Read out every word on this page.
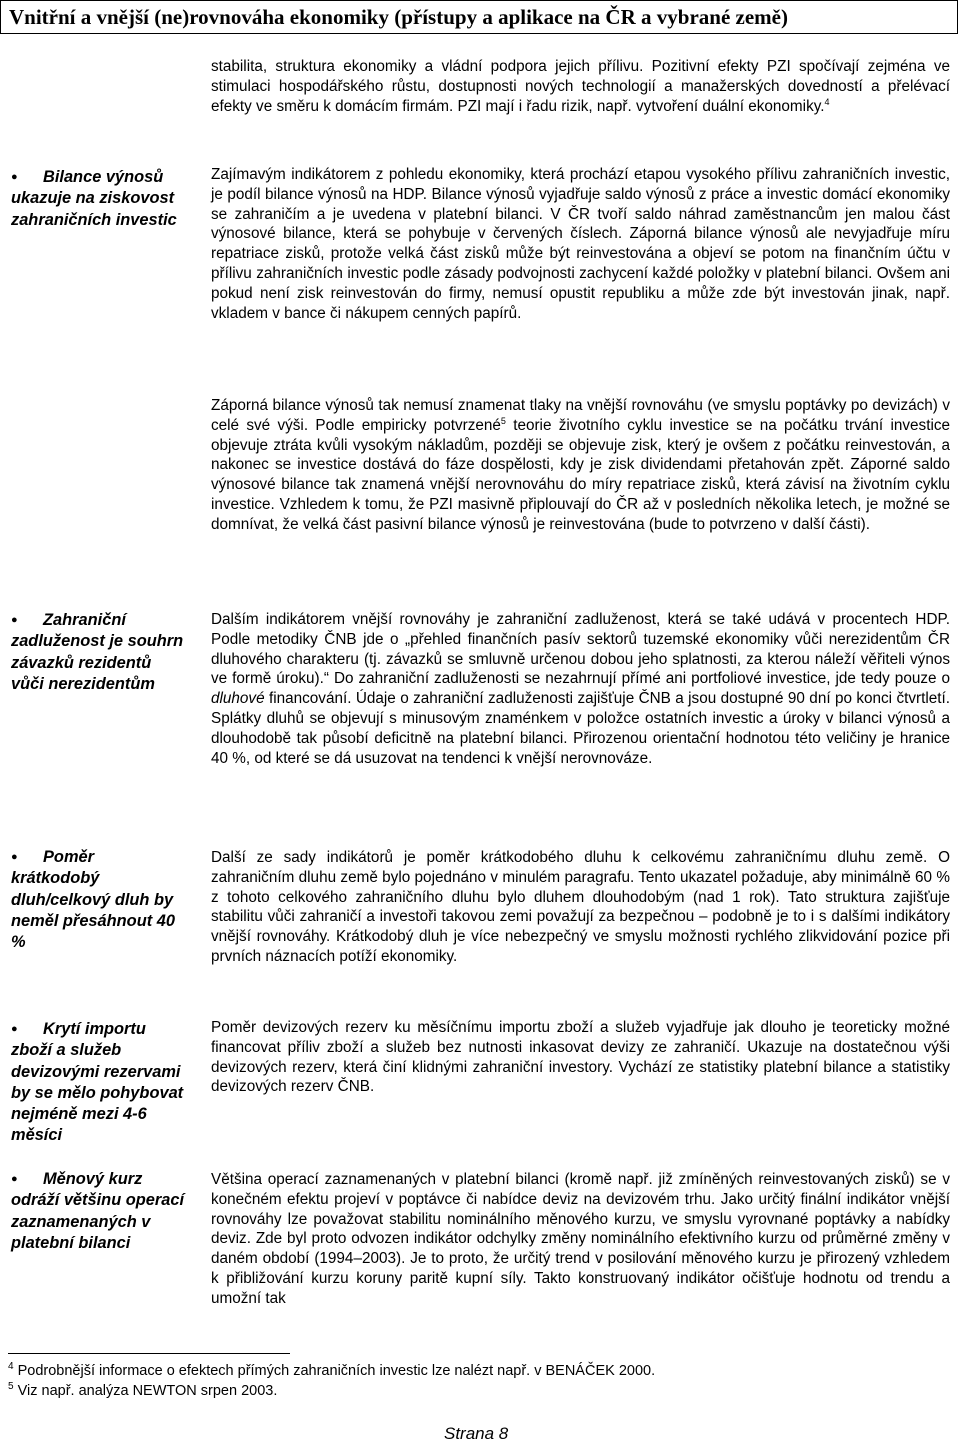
Vnitřní a vnější (ne)rovnováha ekonomiky (přístupy a aplikace na ČR a vybrané země)

stabilita, struktura ekonomiky a vládní podpora jejich přílivu. Pozitivní efekty PZI spočívají zejména ve stimulaci hospodářského růstu, dostupnosti nových technologií a manažerských dovedností a přelévací efekty ve směru k domácím firmám. PZI mají i řadu rizik, např. vytvoření duální ekonomiky.$^4$

Zajímavým indikátorem z pohledu ekonomiky, která prochází etapou vysokého přílivu zahraničních investic, je podíl bilance výnosů na HDP. Bilance výnosů vyjadřuje saldo výnosů z práce a investic domácí ekonomiky se zahraničím a je uvedena v platební bilanci. V ČR tvoří saldo náhrad zaměstnancům jen malou část výnosové bilance, která se pohybuje v červených číslech. Záporná bilance výnosů ale nevyjadřuje míru repatriace zisků, protože velká část zisků může být reinvestována a objeví se potom na finančním účtu v přílivu zahraničních investic podle zásady podvojnosti zachycení každé položky v platební bilanci. Ovšem ani pokud není zisk reinvestován do firmy, nemusí opustit republiku a může zde být investován jinak, např. vkladem v bance či nákupem cenných papírů.

Záporná bilance výnosů tak nemusí znamenat tlaky na vnější rovnováhu (ve smyslu poptávky po devizách) v celé své výši. Podle empiricky potvrzené$^5$ teorie životního cyklu investice se na počátku trvání investice objevuje ztráta kvůli vysokým nákladům, později se objevuje zisk, který je ovšem z počátku reinvestován, a nakonec se investice dostává do fáze dospělosti, kdy je zisk dividendami přetahován zpět. Záporné saldo výnosové bilance tak znamená vnější nerovnováhu do míry repatriace zisků, která závisí na životním cyklu investice. Vzhledem k tomu, že PZI masivně připlouvají do ČR až v posledních několika letech, je možné se domnívat, že velká část pasivní bilance výnosů je reinvestována (bude to potvrzeno v další části).

Dalším indikátorem vnější rovnováhy je zahraniční zadluženost, která se také udává v procentech HDP. Podle metodiky ČNB jde o „přehled finančních pasív sektorů tuzemské ekonomiky vůči nerezidentům ČR dluhového charakteru (tj. závazků se smluvně určenou dobou jeho splatnosti, za kterou náleží věřiteli výnos ve formě úroku).“ Do zahraniční zadluženosti se nezahrnují přímé ani portfoliové investice, jde tedy pouze o dluhové financování. Údaje o zahraniční zadluženosti zajišťuje ČNB a jsou dostupné 90 dní po konci čtvrtletí. Splátky dluhů se objevují s minusovým znaménkem v položce ostatních investic a úroky v bilanci výnosů a dlouhodobě tak působí deficitně na platební bilanci. Přirozenou orientační hodnotou této veličiny je hranice 40 %, od které se dá usuzovat na tendenci k vnější nerovnováze.

Další ze sady indikátorů je poměr krátkodobého dluhu k celkovému zahraničnímu dluhu země. O zahraničním dluhu země bylo pojednáno v minulém paragrafu. Tento ukazatel požaduje, aby minimálně 60 % z tohoto celkového zahraničního dluhu bylo dluhem dlouhodobým (nad 1 rok). Tato struktura zajišťuje stabilitu vůči zahraničí a investoři takovou zemi považují za bezpečnou – podobně je to i s dalšími indikátory vnější rovnováhy. Krátkodobý dluh je více nebezpečný ve smyslu možnosti rychlého zlikvidování pozice při prvních náznacích potíží ekonomiky.

Poměr devizových rezerv ku měsíčnímu importu zboží a služeb vyjadřuje jak dlouho je teoreticky možné financovat příliv zboží a služeb bez nutnosti inkasovat devizy ze zahraničí. Ukazuje na dostatečnou výši devizových rezerv, která činí klidnými zahraniční investory. Vychází ze statistiky platební bilance a statistiky devizových rezerv ČNB.

Většina operací zaznamenaných v platební bilanci (kromě např. již zmíněných reinvestovaných zisků) se v konečném efektu projeví v poptávce či nabídce deviz na devizovém trhu. Jako určitý finální indikátor vnější rovnováhy lze považovat stabilitu nominálního měnového kurzu, ve smyslu vyrovnané poptávky a nabídky deviz. Zde byl proto odvozen indikátor odchylky změny nominálního efektivního kurzu od průměrné změny v daném období (1994–2003). Je to proto, že určitý trend v posilování měnového kurzu je přirozený vzhledem k přibližování kurzu koruny paritě kupní síly. Takto konstruovaný indikátor očišťuje hodnotu od trendu a umožní tak

● Bilance výnosů ukazuje na ziskovost zahraničních investic
● Zahraniční zadluženost je souhrn závazků rezidentů vůči nerezidentům
● Poměr krátkodobý dluh/celkový dluh by neměl přesáhnout 40 %
● Krytí importu zboží a služeb devizovými rezervami by se mělo pohybovat nejméně mezi 4-6 měsíci
● Měnový kurz odráží většinu operací zaznamenaných v platební bilanci
$^4$ Podrobnější informace o efektech přímých zahraničních investic lze nalézt např. v BENÁČEK 2000.
$^5$ Viz např. analýza NEWTON srpen 2003.
Strana 8
